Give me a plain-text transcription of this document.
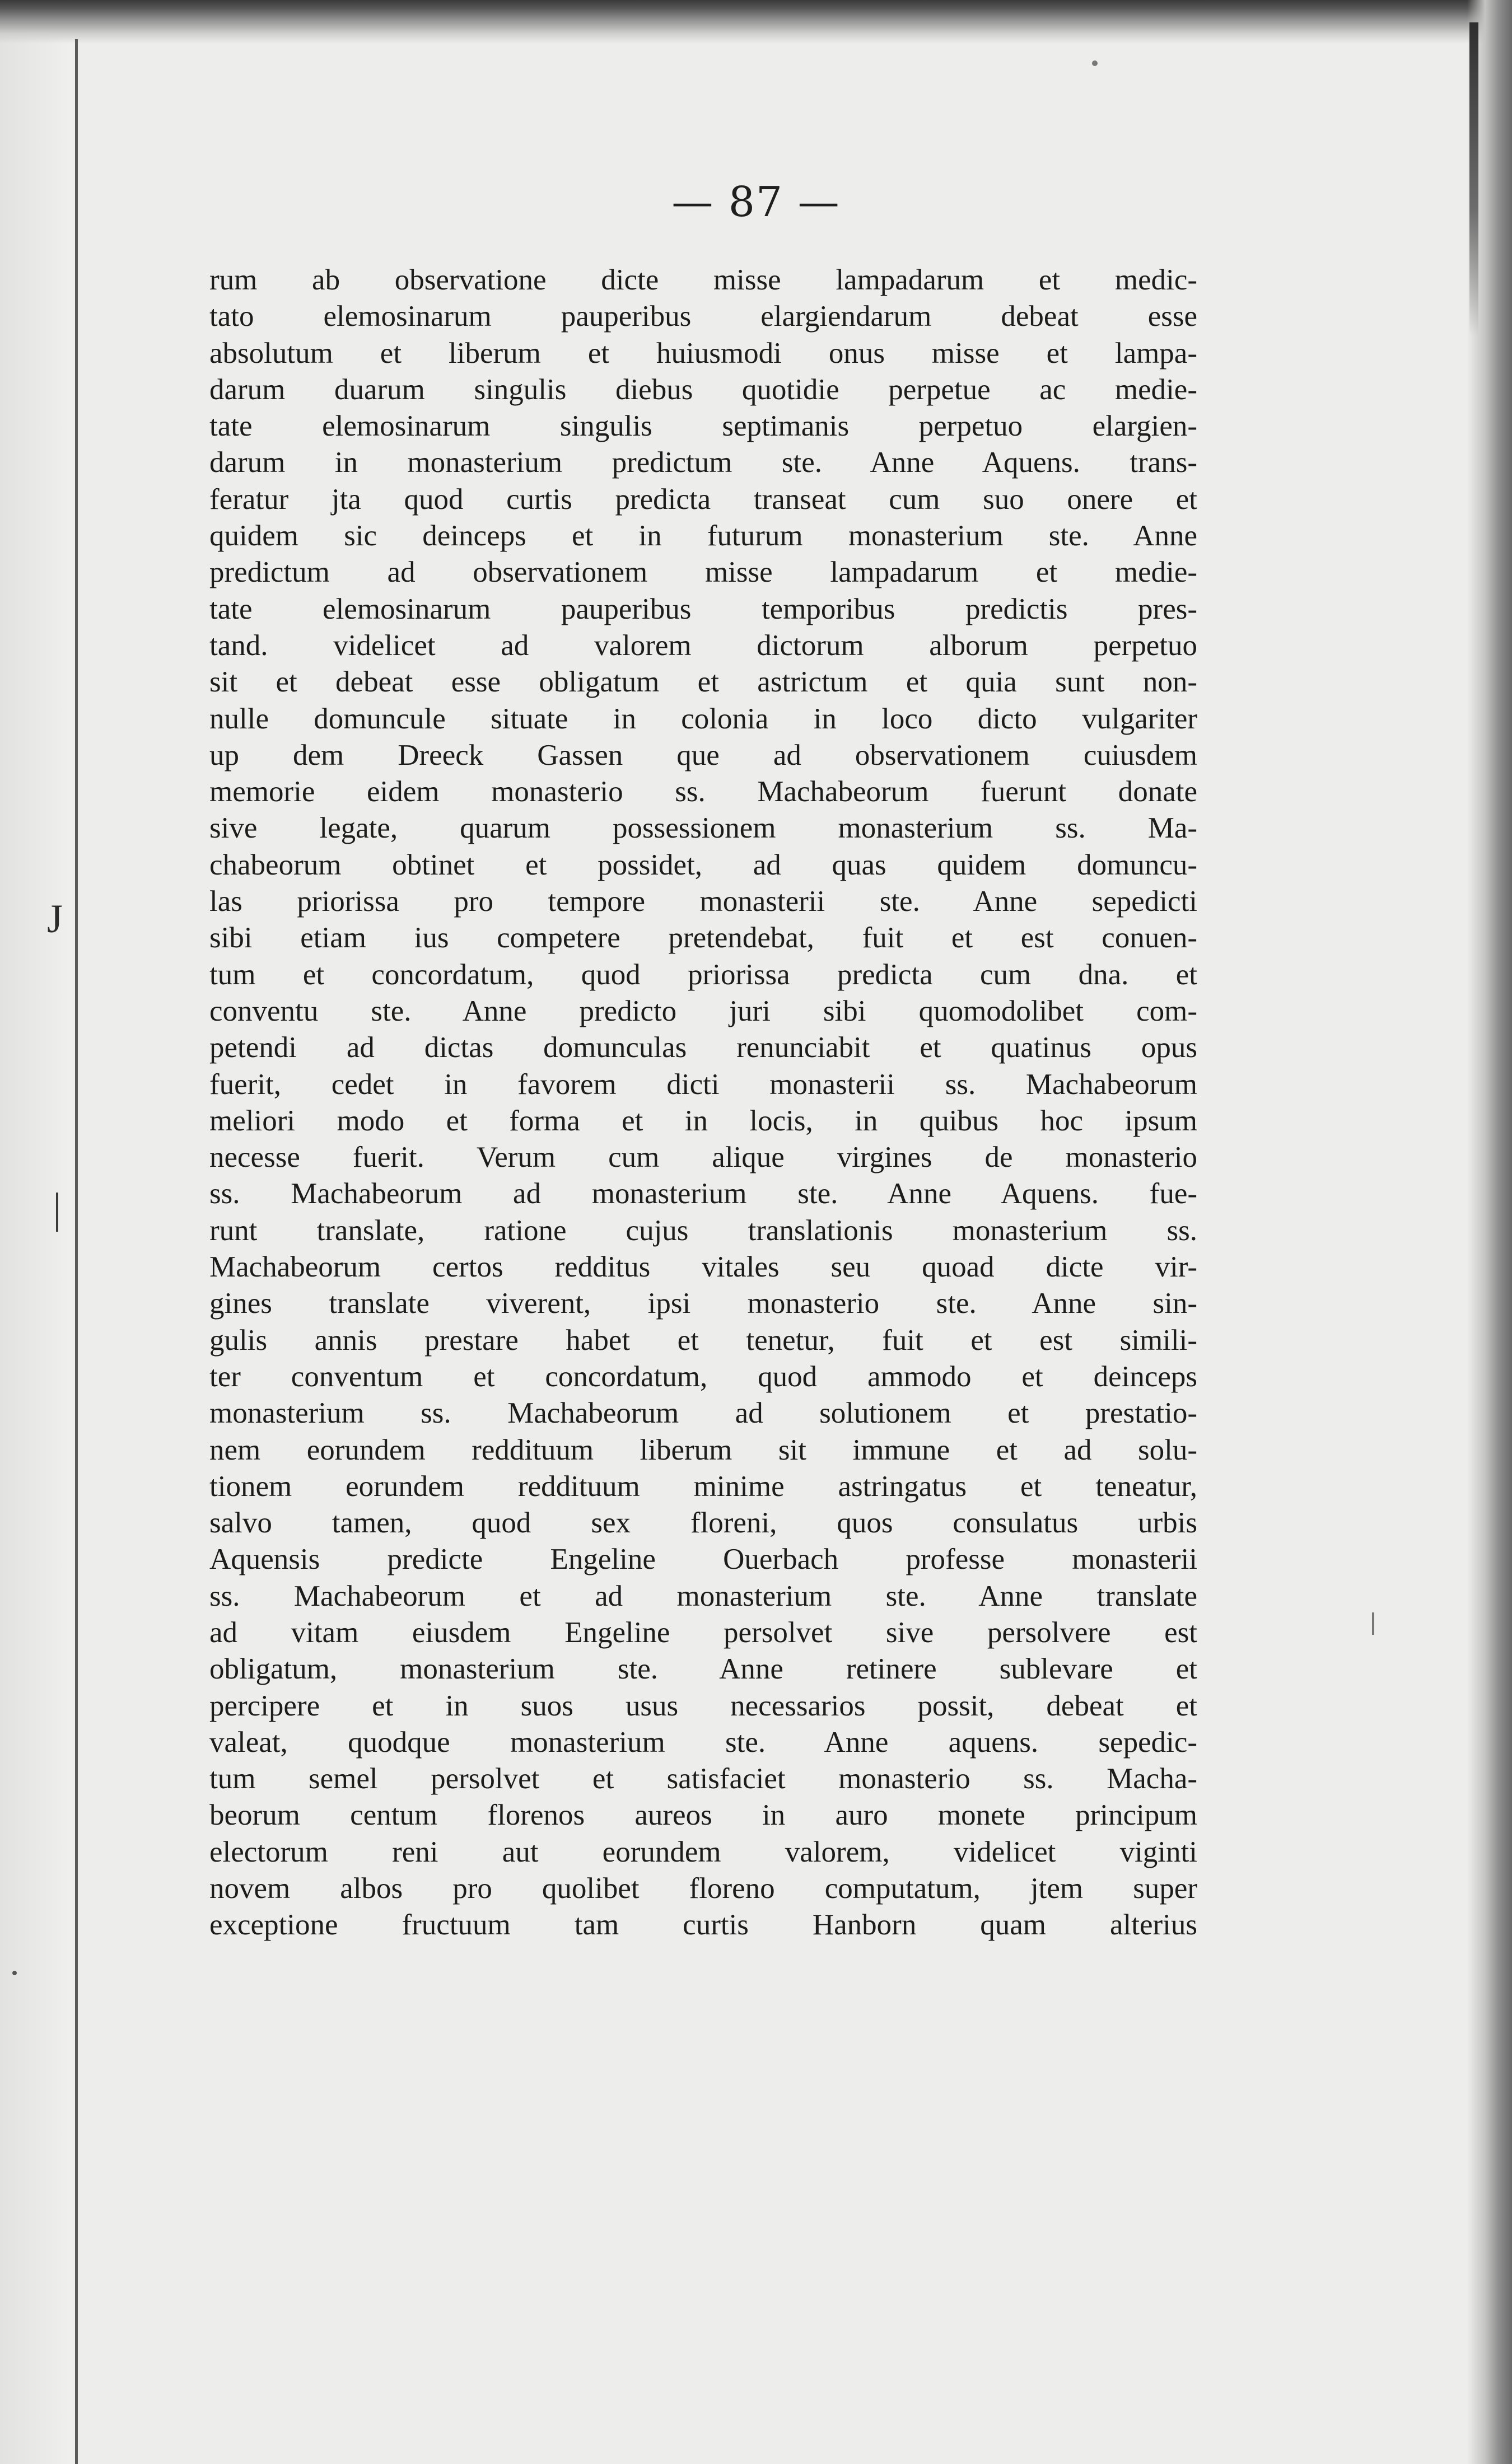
— 87 —
rum ab observatione dicte misse lampadarum et medic-
tato elemosinarum pauperibus elargiendarum debeat esse
absolutum et liberum et huiusmodi onus misse et lampa-
darum duarum singulis diebus quotidie perpetue ac medie-
tate elemosinarum singulis septimanis perpetuo elargien-
darum in monasterium predictum ste. Anne Aquens. trans-
feratur jta quod curtis predicta transeat cum suo onere et
quidem sic deinceps et in futurum monasterium ste. Anne
predictum ad observationem misse lampadarum et medie-
tate elemosinarum pauperibus temporibus predictis pres-
tand. videlicet ad valorem dictorum alborum perpetuo
sit et debeat esse obligatum et astrictum et quia sunt non-
nulle domuncule situate in colonia in loco dicto vulgariter
up dem Dreeck Gassen que ad observationem cuiusdem
memorie eidem monasterio ss. Machabeorum fuerunt donate
sive legate, quarum possessionem monasterium ss. Ma-
chabeorum obtinet et possidet, ad quas quidem domuncu-
las priorissa pro tempore monasterii ste. Anne sepedicti
sibi etiam ius competere pretendebat, fuit et est conuen-
tum et concordatum, quod priorissa predicta cum dna. et
conventu ste. Anne predicto juri sibi quomodolibet com-
petendi ad dictas domunculas renunciabit et quatinus opus
fuerit, cedet in favorem dicti monasterii ss. Machabeorum
meliori modo et forma et in locis, in quibus hoc ipsum
necesse fuerit. Verum cum alique virgines de monasterio
ss. Machabeorum ad monasterium ste. Anne Aquens. fue-
runt translate, ratione cujus translationis monasterium ss.
Machabeorum certos redditus vitales seu quoad dicte vir-
gines translate viverent, ipsi monasterio ste. Anne sin-
gulis annis prestare habet et tenetur, fuit et est simili-
ter conventum et concordatum, quod ammodo et deinceps
monasterium ss. Machabeorum ad solutionem et prestatio-
nem eorundem reddituum liberum sit immune et ad solu-
tionem eorundem reddituum minime astringatus et teneatur,
salvo tamen, quod sex floreni, quos consulatus urbis
Aquensis predicte Engeline Ouerbach professe monasterii
ss. Machabeorum et ad monasterium ste. Anne translate
ad vitam eiusdem Engeline persolvet sive persolvere est
obligatum, monasterium ste. Anne retinere sublevare et
percipere et in suos usus necessarios possit, debeat et
valeat, quodque monasterium ste. Anne aquens. sepedic-
tum semel persolvet et satisfaciet monasterio ss. Macha-
beorum centum florenos aureos in auro monete principum
electorum reni aut eorundem valorem, videlicet viginti
novem albos pro quolibet floreno computatum, jtem super
exceptione fructuum tam curtis Hanborn quam alterius
J
